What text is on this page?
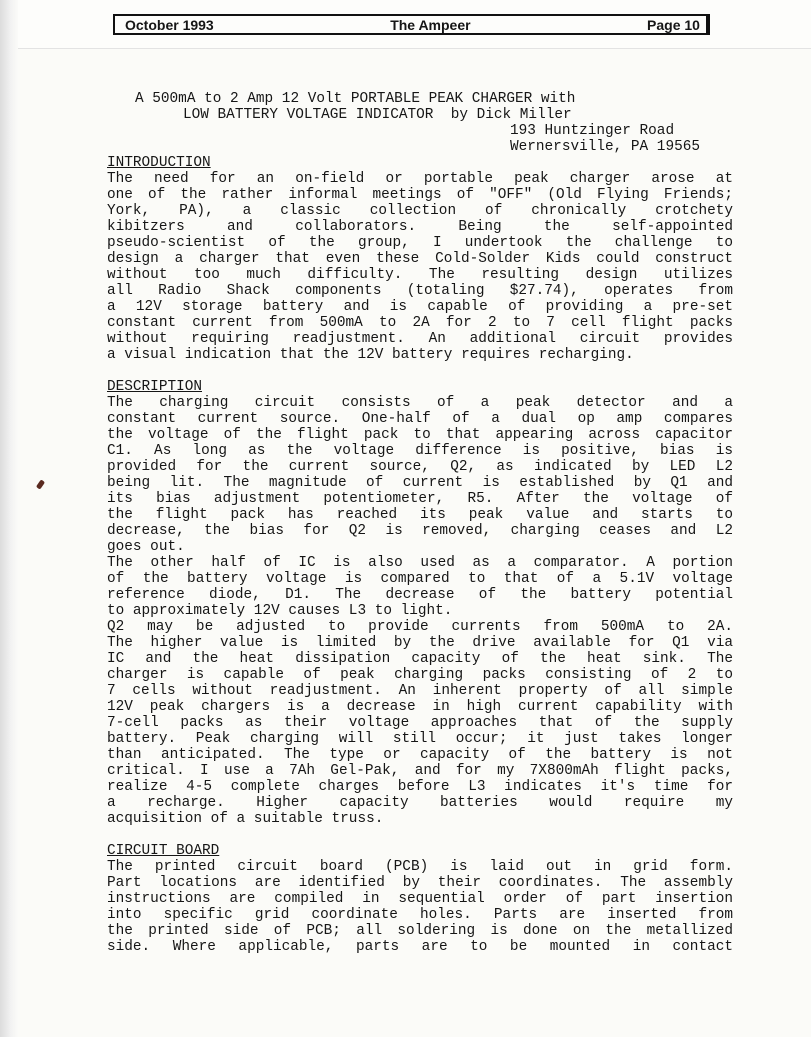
October 1993	The Ampeer	Page 10
A 500mA to 2 Amp 12 Volt PORTABLE PEAK CHARGER with
LOW BATTERY VOLTAGE INDICATOR  by Dick Miller
193 Huntzinger Road
Wernersville, PA 19565
INTRODUCTION
The need for an on-field or portable peak charger arose at
one of the rather informal meetings of "OFF" (Old Flying Friends;
York, PA), a classic collection of chronically crotchety
kibitzers and collaborators. Being the self-appointed
pseudo-scientist of the group, I undertook the challenge to
design a charger that even these Cold-Solder Kids could construct
without too much difficulty. The resulting design utilizes
all Radio Shack components (totaling $27.74), operates from
a 12V storage battery and is capable of providing a pre-set
constant current from 500mA to 2A for 2 to 7 cell flight packs
without requiring readjustment. An additional circuit provides
a visual indication that the 12V battery requires recharging.
DESCRIPTION
The charging circuit consists of a peak detector and a
constant current source. One-half of a dual op amp compares
the voltage of the flight pack to that appearing across capacitor
C1. As long as the voltage difference is positive, bias is
provided for the current source, Q2, as indicated by LED L2
being lit. The magnitude of current is established by Q1 and
its bias adjustment potentiometer, R5. After the voltage of
the flight pack has reached its peak value and starts to
decrease, the bias for Q2 is removed, charging ceases and L2
goes out.
The other half of IC is also used as a comparator. A portion
of the battery voltage is compared to that of a 5.1V voltage
reference diode, D1. The decrease of the battery potential
to approximately 12V causes L3 to light.
Q2 may be adjusted to provide currents from 500mA to 2A.
The higher value is limited by the drive available for Q1 via
IC and the heat dissipation capacity of the heat sink. The
charger is capable of peak charging packs consisting of 2 to
7 cells without readjustment. An inherent property of all simple
12V peak chargers is a decrease in high current capability with
7-cell packs as their voltage approaches that of the supply
battery. Peak charging will still occur; it just takes longer
than anticipated. The type or capacity of the battery is not
critical. I use a 7Ah Gel-Pak, and for my 7X800mAh flight packs,
realize 4-5 complete charges before L3 indicates it's time for
a recharge. Higher capacity batteries would require my
acquisition of a suitable truss.
CIRCUIT BOARD
The printed circuit board (PCB) is laid out in grid form.
Part locations are identified by their coordinates. The assembly
instructions are compiled in sequential order of part insertion
into specific grid coordinate holes. Parts are inserted from
the printed side of PCB; all soldering is done on the metallized
side. Where applicable, parts are to be mounted in contact
